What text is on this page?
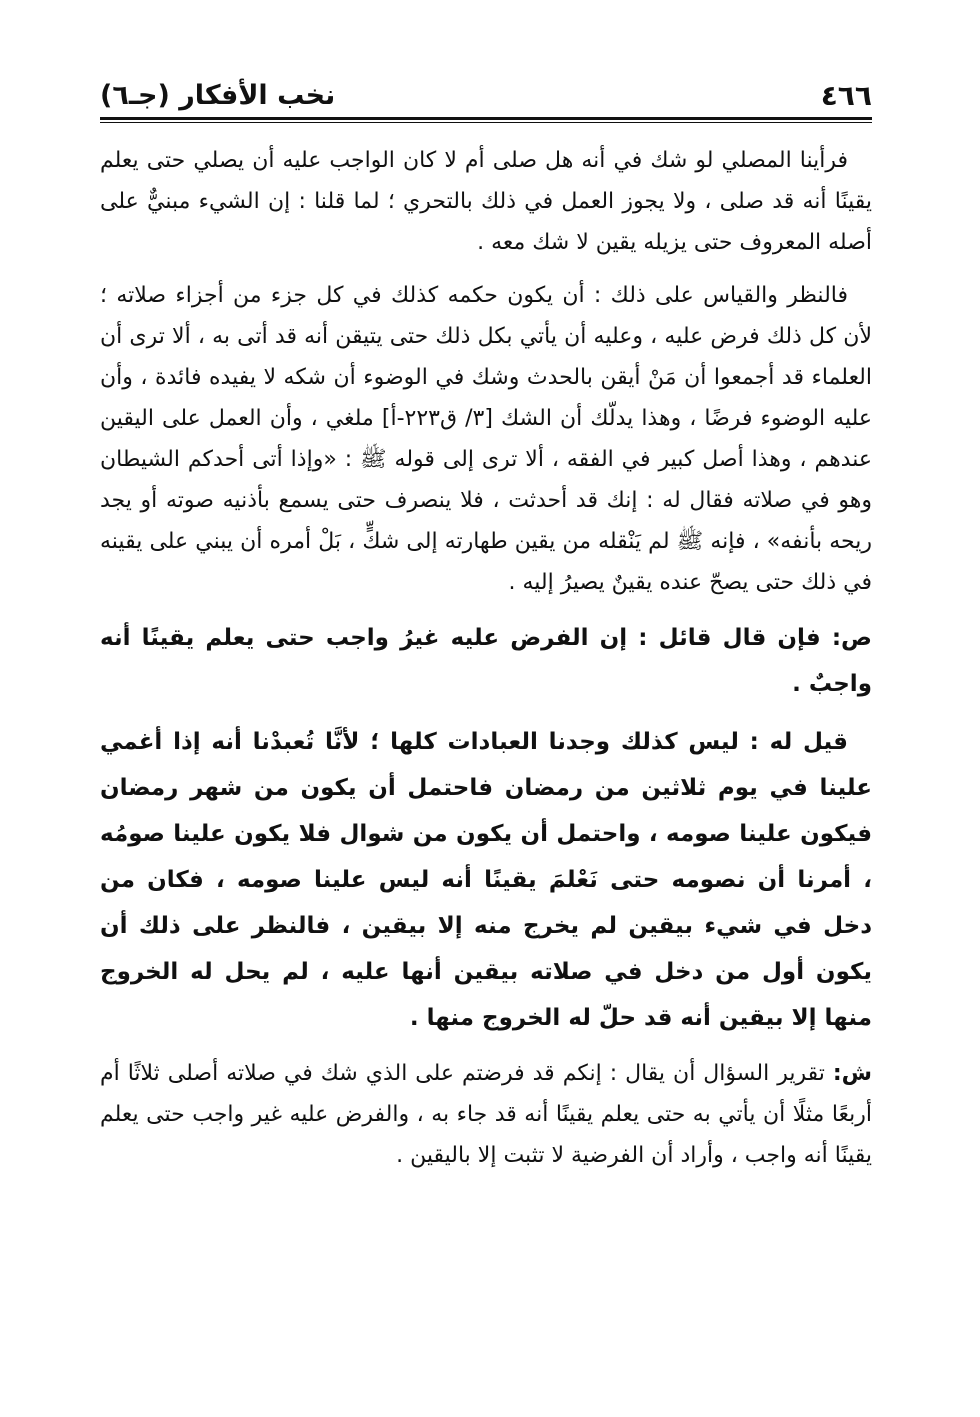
٤٦٦
نخب الأفكار (جـ٦)

فرأينا المصلي لو شك في أنه هل صلى أم لا كان الواجب عليه أن يصلي حتى يعلم يقينًا أنه قد صلى ، ولا يجوز العمل في ذلك بالتحري ؛ لما قلنا : إن الشيء مبنيٌّ على أصله المعروف حتى يزيله يقين لا شك معه .

فالنظر والقياس على ذلك : أن يكون حكمه كذلك في كل جزء من أجزاء صلاته ؛ لأن كل ذلك فرض عليه ، وعليه أن يأتي بكل ذلك حتى يتيقن أنه قد أتى به ، ألا ترى أن العلماء قد أجمعوا أن مَنْ أيقن بالحدث وشك في الوضوء أن شكه لا يفيده فائدة ، وأن عليه الوضوء فرضًا ، وهذا يدلّك أن الشك [٣/ ق٢٢٣-أ] ملغي ، وأن العمل على اليقين عندهم ، وهذا أصل كبير في الفقه ، ألا ترى إلى قوله ﷺ : «وإذا أتى أحدكم الشيطان وهو في صلاته فقال له : إنك قد أحدثت ، فلا ينصرف حتى يسمع بأذنيه صوته أو يجد ريحه بأنفه» ، فإنه ﷺ لم يَنْقله من يقين طهارته إلى شكٍّ ، بَلْ أمره أن يبني على يقينه في ذلك حتى يصحّ عنده يقينٌ يصيرُ إليه .

ص: فإن قال قائل : إن الفرض عليه غيرُ واجب حتى يعلم يقينًا أنه واجبٌ .

قيل له : ليس كذلك وجدنا العبادات كلها ؛ لأنَّا تُعبدْنا أنه إذا أغمي علينا في يوم ثلاثين من رمضان فاحتمل أن يكون من شهر رمضان فيكون علينا صومه ، واحتمل أن يكون من شوال فلا يكون علينا صومُه ، أمرنا أن نصومه حتى نَعْلمَ يقينًا أنه ليس علينا صومه ، فكان من دخل في شيء بيقين لم يخرج منه إلا بيقين ، فالنظر على ذلك أن يكون أول من دخل في صلاته بيقين أنها عليه ، لم يحل له الخروج منها إلا بيقين أنه قد حلّ له الخروج منها .

ش: تقرير السؤال أن يقال : إنكم قد فرضتم على الذي شك في صلاته أصلى ثلاثًا أم أربعًا مثلًا أن يأتي به حتى يعلم يقينًا أنه قد جاء به ، والفرض عليه غير واجب حتى يعلم يقينًا أنه واجب ، وأراد أن الفرضية لا تثبت إلا باليقين .
